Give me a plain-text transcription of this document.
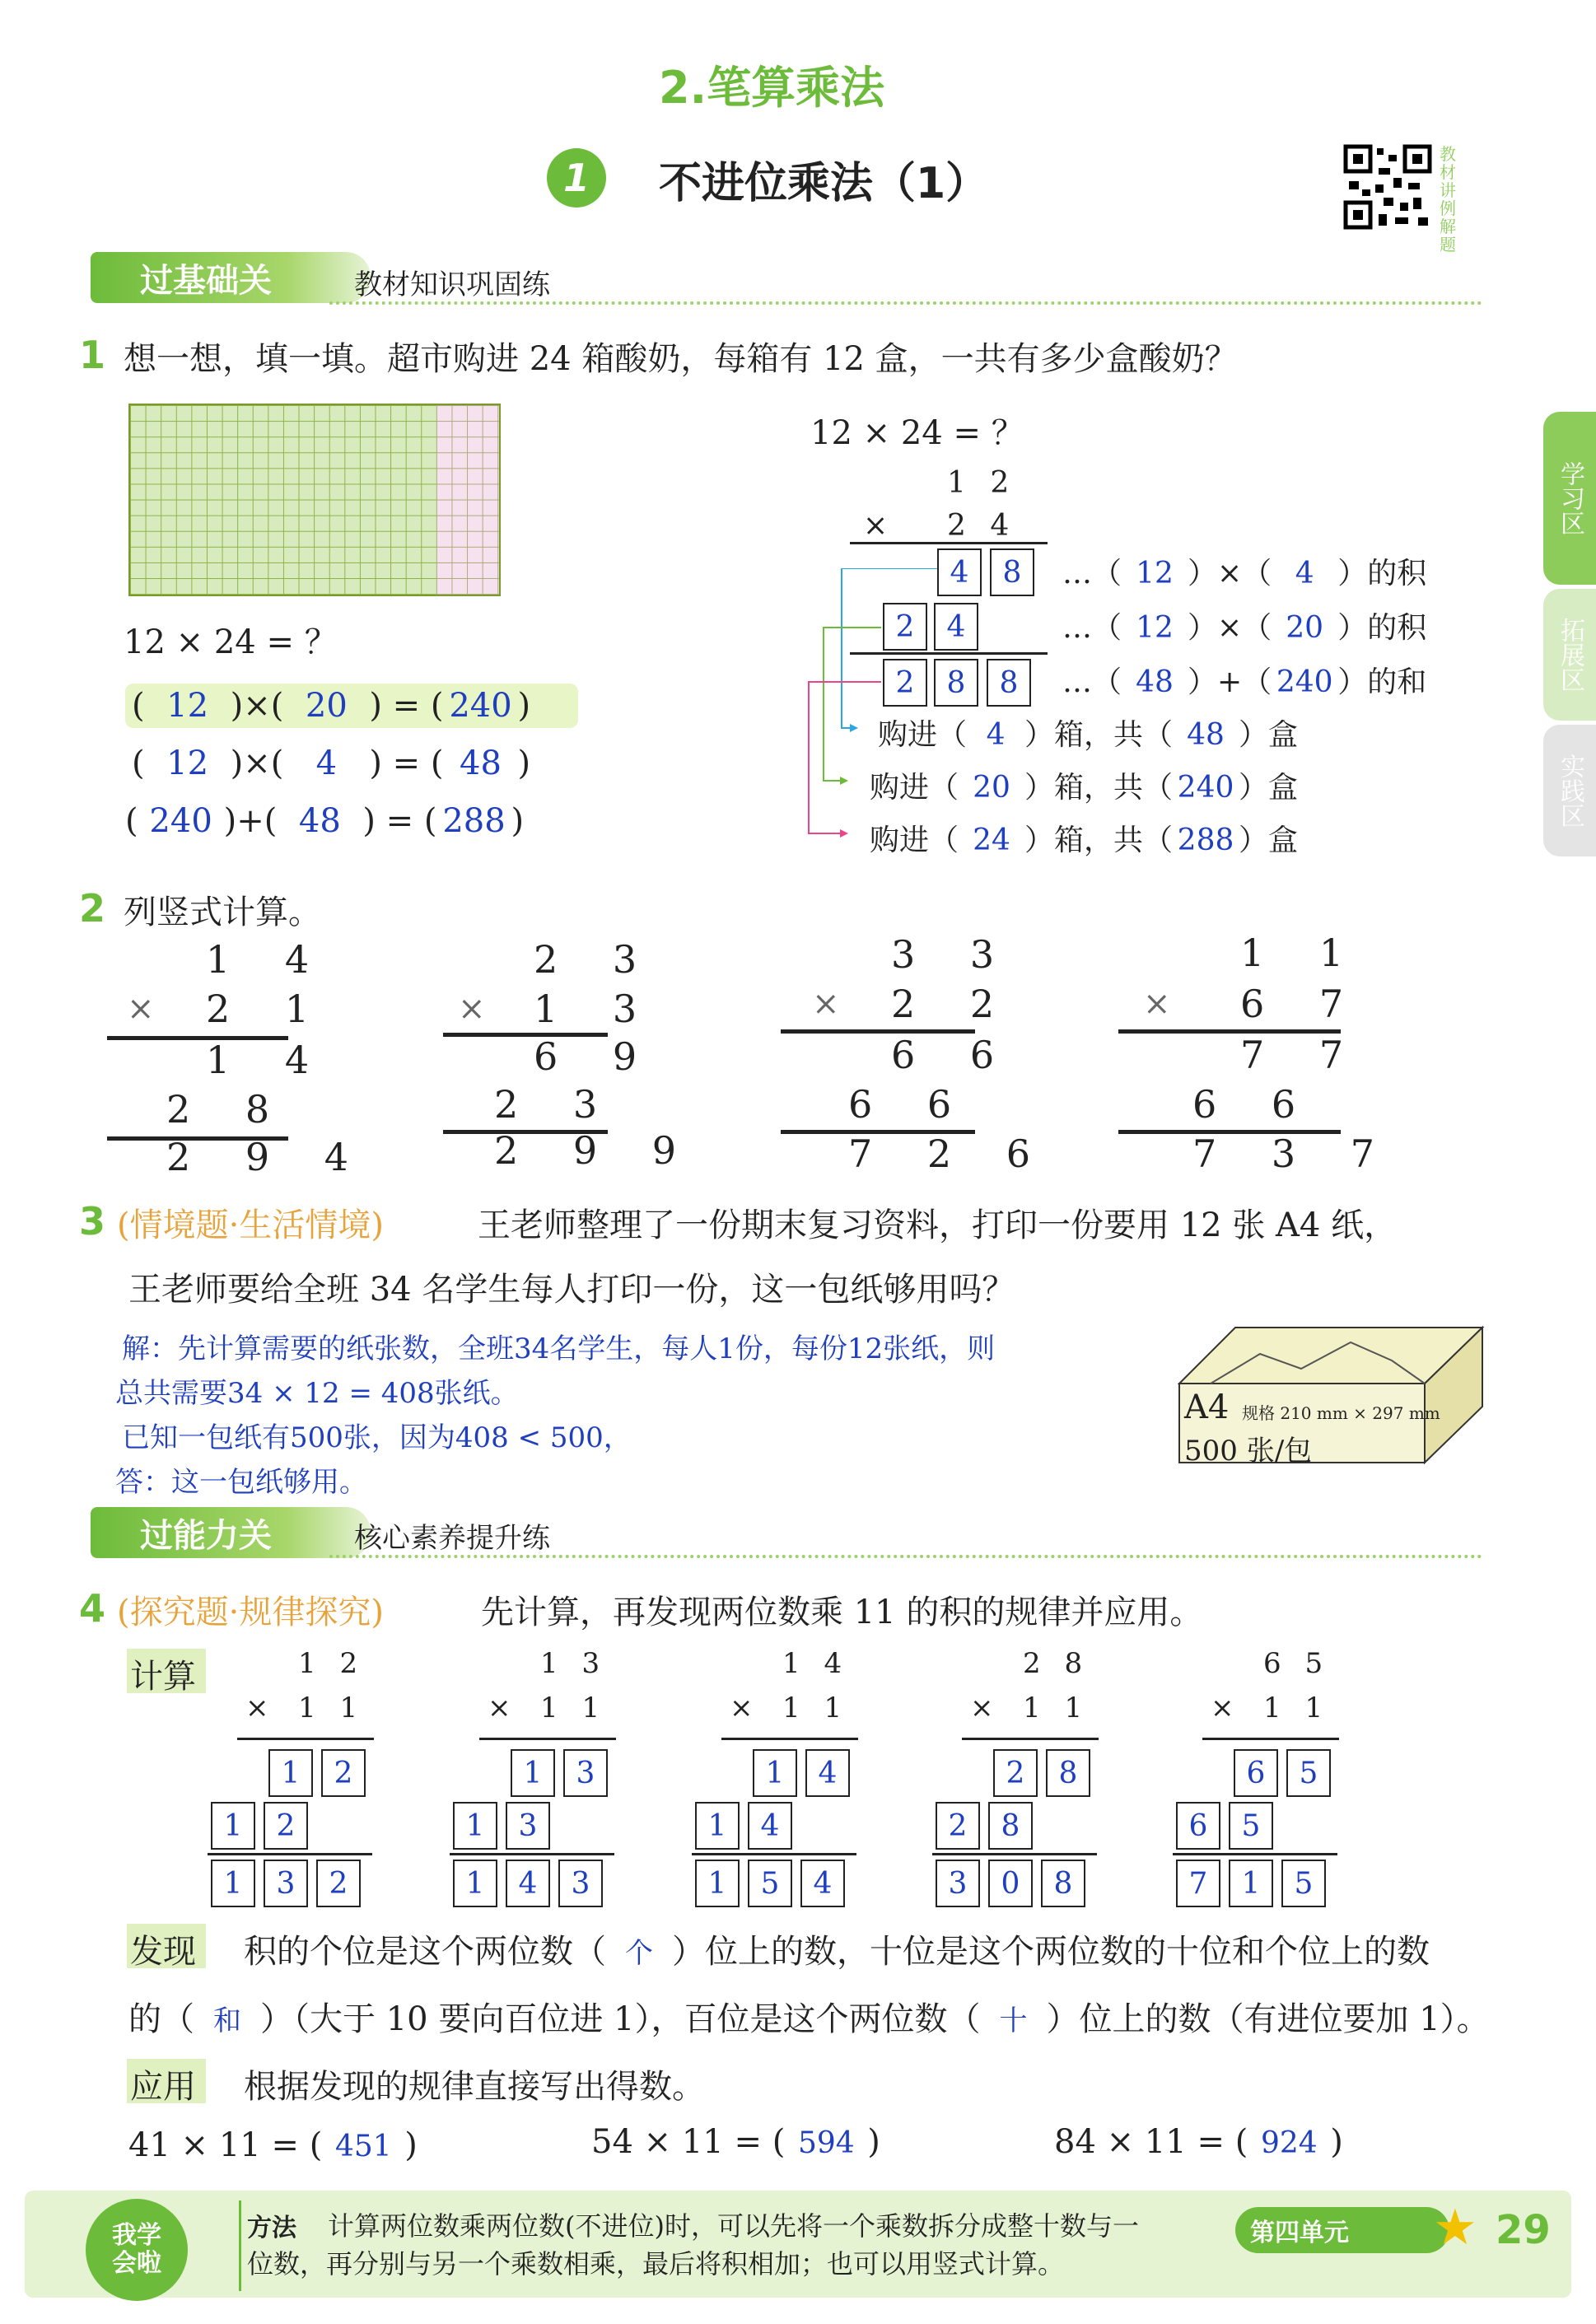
2.笔算乘法
1	不进位乘法（1）
教材讲例解题
学习区
拓展区
实践区
过基础关	教材知识巩固练
1 想一想，填一填。超市购进 24 箱酸奶，每箱有 12 盒，一共有多少盒酸奶？
12 × 24 = ？
( 12 )×( 20 ) = ( 240 )
( 12 )×( 4 ) = ( 48 )
( 240 )+( 48 ) = ( 288 )
12 × 24 = ？
1 2
× 2 4
4	8
2	4
2	8	8
…（ 12 ）×（ 4 ）的积
…（ 12 ）×（ 20 ）的积
…（ 48 ）+（ 240 ）的和
购进（ 4 ）箱，共（ 48 ）盒
购进（ 20 ）箱，共（ 240 ）盒
购进（ 24 ）箱，共（ 288 ）盒
2 列竖式计算。
1 4
× 2 1
1 4
2 8
2 9 4
2 3
× 1 3
6 9
2 3
2 9 9
3 3
× 2 2
6 6
6 6
7 2 6
1 1
× 6 7
7 7
6 6
7 3 7
3 (情境题·生活情境)	王老师整理了一份期末复习资料，打印一份要用 12 张 A4 纸，
王老师要给全班 34 名学生每人打印一份，这一包纸够用吗？
解：先计算需要的纸张数，全班34名学生，每人1份，每份12张纸，则
总共需要34 × 12 = 408张纸。
已知一包纸有500张，因为408 < 500，
答：这一包纸够用。
A4 规格 210 mm × 297 mm
500 张/包
过能力关	核心素养提升练
4 (探究题·规律探究)	先计算，再发现两位数乘 11 的积的规律并应用。
计算	1 2
× 1 1
1	2
1	2
1	3	2
1 3
× 1 1
1	3
1	3
1	4	3
1 4
× 1 1
1	4
1	4
1	5	4
2 8
× 1 1
2	8
2	8
3	0	8
6 5
× 1 1
6	5
6	5
7	1	5
发现 积的个位是这个两位数（ 个 ）位上的数，十位是这个两位数的十位和个位上的数
的（ 和 ）（大于 10 要向百位进 1），百位是这个两位数（ 十 ）位上的数（有进位要加 1）。
应用 根据发现的规律直接写出得数。
41 × 11 = ( 451 )	54 × 11 = ( 594 )	84 × 11 = ( 924 )
我学会啦
方法 计算两位数乘两位数(不进位)时，可以先将一个乘数拆分成整十数与一
位数，再分别与另一个乘数相乘，最后将积相加；也可以用竖式计算。
第四单元 ★ 29
